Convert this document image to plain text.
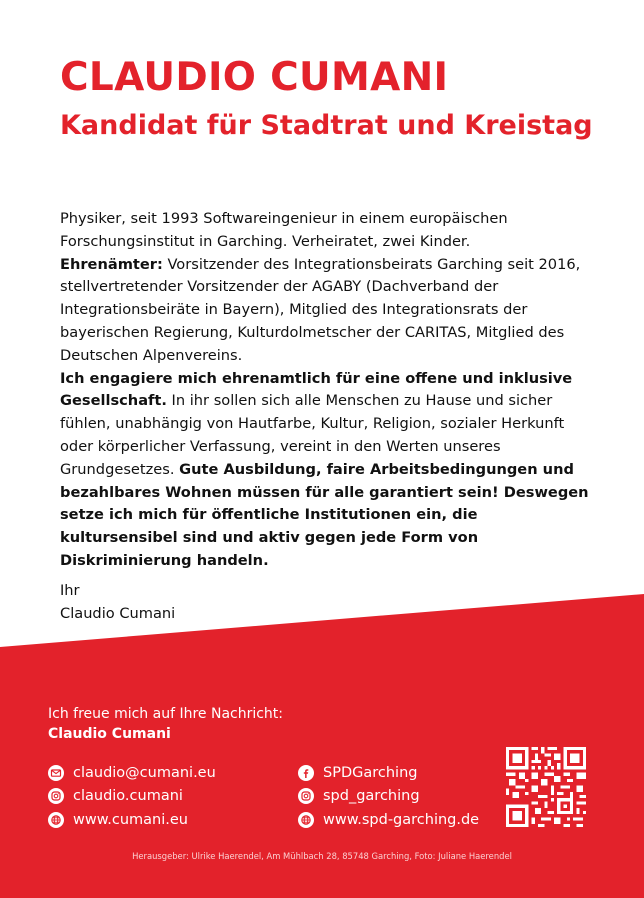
CLAUDIO CUMANI
Kandidat für Stadtrat und Kreistag

Physiker, seit 1993 Softwareingenieur in einem europäischen Forschungsinstitut in Garching. Verheiratet, zwei Kinder.

Ehrenämter: Vorsitzender des Integrationsbeirats Garching seit 2016, stellvertretender Vorsitzender der AGABY (Dachverband der Integrationsbeiräte in Bayern), Mitglied des Integrationsrats der bayerischen Regierung, Kulturdolmetscher der CARITAS, Mitglied des Deutschen Alpenvereins.

Ich engagiere mich ehrenamtlich für eine offene und inklusive Gesellschaft. In ihr sollen sich alle Menschen zu Hause und sicher fühlen, unabhängig von Hautfarbe, Kultur, Religion, sozialer Herkunft oder körperlicher Verfassung, vereint in den Werten unseres Grundgesetzes. Gute Ausbildung, faire Arbeitsbedingungen und bezahlbares Wohnen müssen für alle garantiert sein! Deswegen setze ich mich für öffentliche Institutionen ein, die kultursensibel sind und aktiv gegen jede Form von Diskriminierung handeln.

Ihr
Claudio Cumani
Ich freue mich auf Ihre Nachricht:
Claudio Cumani
claudio@cumani.eu
claudio.cumani
www.cumani.eu
SPDGarching
spd_garching
www.spd-garching.de
Herausgeber: Ulrike Haerendel, Am Mühlbach 28, 85748 Garching, Foto: Juliane Haerendel
